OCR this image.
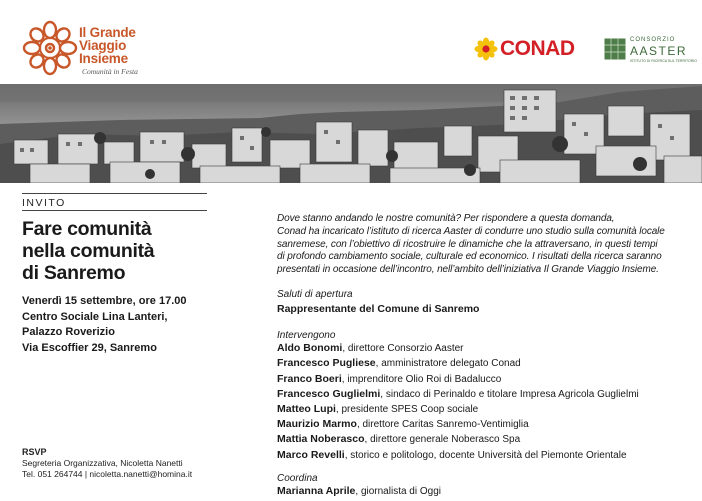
Il Grande
Viaggio
Insieme
Comunità in Festa
CONAD	CONSORZIO
AASTER
ISTITUTO DI RICERCA SUL TERRITORIO
INVITO
Fare comunità
nella comunità
di Sanremo
Venerdì 15 settembre, ore 17.00
Centro Sociale Lina Lanteri,
Palazzo Roverizio
Via Escoffier 29, Sanremo
RSVP
Segreteria Organizzativa, Nicoletta Nanetti
Tel. 051 264744 | nicoletta.nanetti@homina.it

Dove stanno andando le nostre comunità? Per rispondere a questa domanda,
Conad ha incaricato l’istituto di ricerca Aaster di condurre uno studio sulla comunità locale
sanremese, con l’obiettivo di ricostruire le dinamiche che la attraversano, in questi tempi
di profondo cambiamento sociale, culturale ed economico. I risultati della ricerca saranno
presentati in occasione dell’incontro, nell’ambito dell’iniziativa Il Grande Viaggio Insieme.

Saluti di apertura
Rappresentante del Comune di Sanremo
Intervengono
Aldo Bonomi, direttore Consorzio Aaster
Francesco Pugliese, amministratore delegato Conad
Franco Boeri, imprenditore Olio Roi di Badalucco
Francesco Guglielmi, sindaco di Perinaldo e titolare Impresa Agricola Guglielmi
Matteo Lupi, presidente SPES Coop sociale
Maurizio Marmo, direttore Caritas Sanremo-Ventimiglia
Mattia Noberasco, direttore generale Noberasco Spa
Marco Revelli, storico e politologo, docente Università del Piemonte Orientale
Coordina
Marianna Aprile, giornalista di Oggi
